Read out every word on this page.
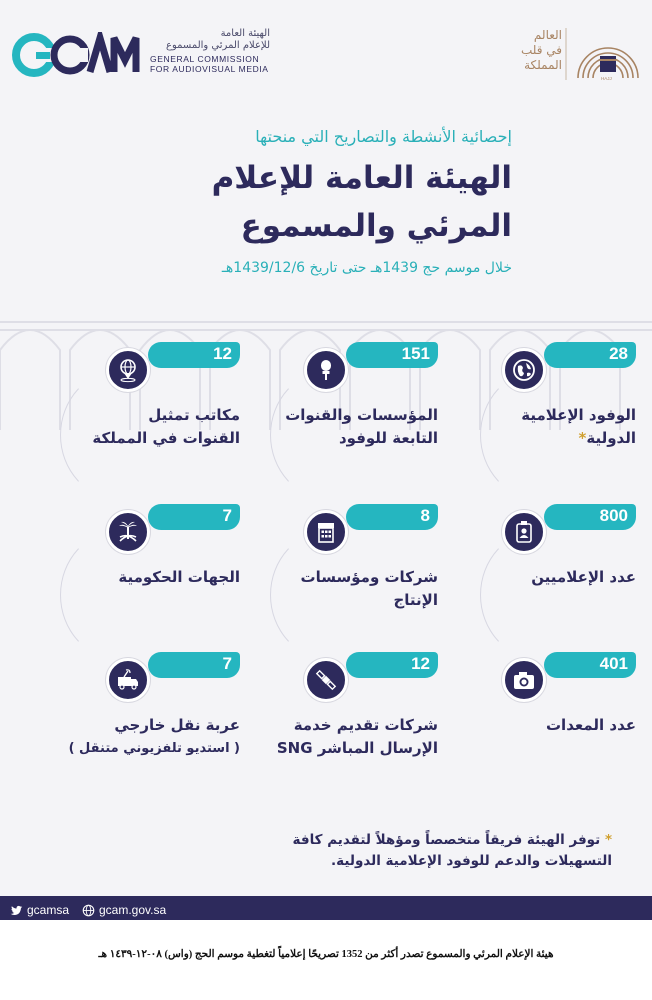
الهيئة العامة
للإعلام المرئي والمسموع
GENERAL COMMISSION
FOR AUDIOVISUAL MEDIA
HAJJ
العالم
في قلب
المملكة
إحصائية الأنشطة والتصاريح التي منحتها
الهيئة العامة للإعلام
المرئي والمسموع
خلال موسم حج 1439هـ حتى تاريخ 1439/12/6هـ
28
الوفود الإعلامية
الدولية*
151
المؤسسات والقنوات
التابعة للوفود
12
مكاتب تمثيل
القنوات في المملكة
800
عدد الإعلاميين
8
شركات ومؤسسات
الإنتاج
7
الجهات الحكومية
401
عدد المعدات
12
شركات تقديم خدمة
الإرسال المباشر SNG
7
عربة نقل خارجي
( استديو تلفزيوني متنقل )
* توفر الهيئة فريقاً متخصصاً ومؤهلاً لتقديم كافة
التسهيلات والدعم للوفود الإعلامية الدولية.
gcamsa gcam.gov.sa
هيئة الإعلام المرئي والمسموع تصدر أكثر من 1352 تصريحًا إعلامياً لتغطية موسم الحج (واس) ٠٨-١٢-١٤٣٩ هـ
